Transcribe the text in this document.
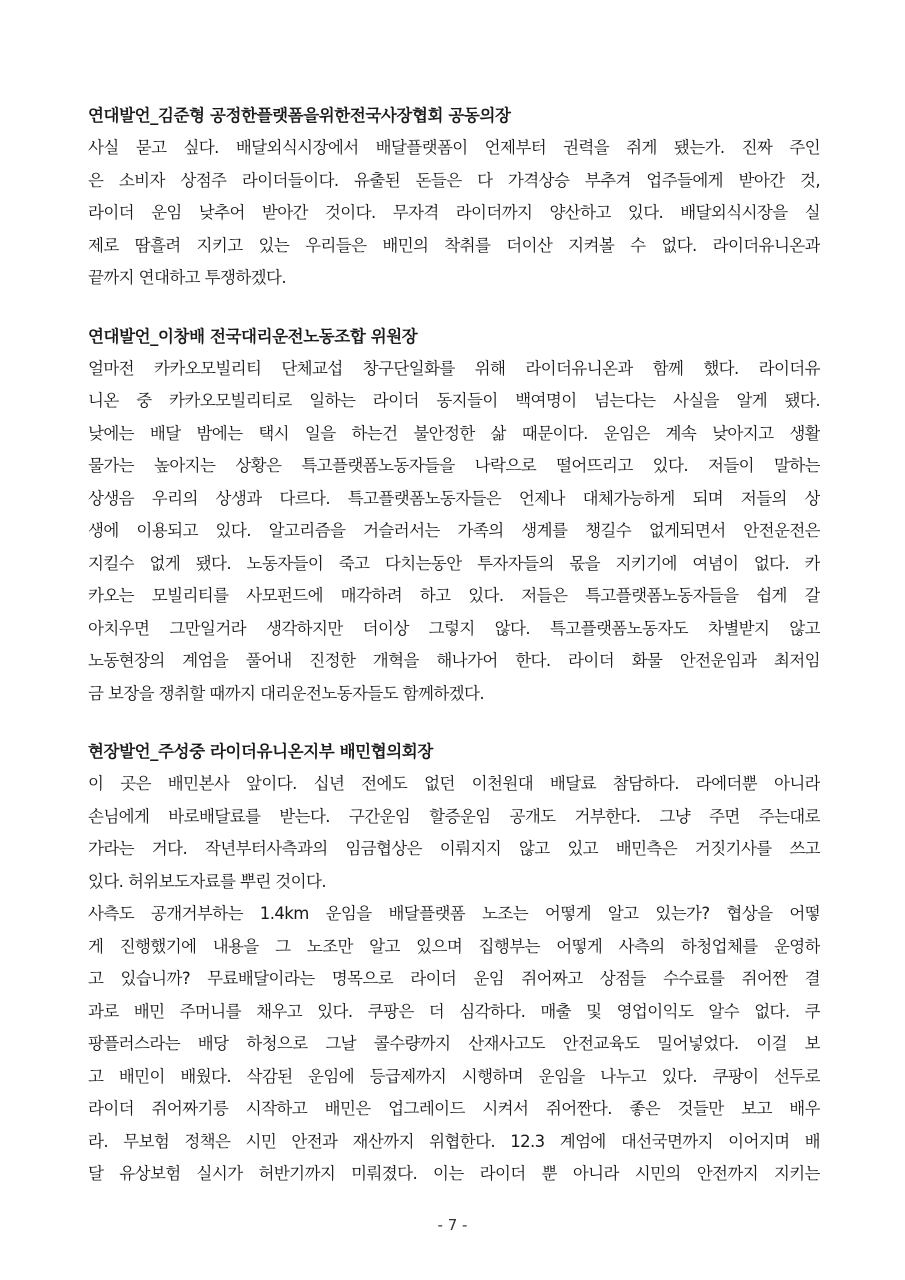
연대발언_김준형 공정한플랫폼을위한전국사장협회 공동의장
사실 묻고 싶다. 배달외식시장에서 배달플랫폼이 언제부터 권력을 쥐게 됐는가. 진짜 주인
은 소비자 상점주 라이더들이다. 유출된 돈들은 다 가격상승 부추겨 업주들에게 받아간 것,
라이더 운임 낮추어 받아간 것이다. 무자격 라이더까지 양산하고 있다. 배달외식시장을 실
제로 땀흘려 지키고 있는 우리들은 배민의 착취를 더이산 지켜볼 수 없다. 라이더유니온과
끝까지 연대하고 투쟁하겠다.
연대발언_이창배 전국대리운전노동조합 위원장
얼마전 카카오모빌리티 단체교섭 창구단일화를 위해 라이더유니온과 함께 했다. 라이더유
니온 중 카카오모빌리티로 일하는 라이더 동지들이 백여명이 넘는다는 사실을 알게 됐다.
낮에는 배달 밤에는 택시 일을 하는건 불안정한 삶 때문이다. 운임은 계속 낮아지고 생활
물가는 높아지는 상황은 특고플랫폼노동자들을 나락으로 떨어뜨리고 있다. 저들이 말하는
상생음 우리의 상생과 다르다. 특고플랫폼노동자들은 언제나 대체가능하게 되며 저들의 상
생에 이용되고 있다. 알고리즘을 거슬러서는 가족의 생계를 챙길수 없게되면서 안전운전은
지킬수 없게 됐다. 노동자들이 죽고 다치는동안 투자자들의 몫을 지키기에 여념이 없다. 카
카오는 모빌리티를 사모펀드에 매각하려 하고 있다. 저들은 특고플랫폼노동자들을 쉽게 갈
아치우면 그만일거라 생각하지만 더이상 그렇지 않다. 특고플랫폼노동자도 차별받지 않고
노동현장의 계엄을 풀어내 진정한 개혁을 해나가어 한다. 라이더 화물 안전운임과 최저임
금 보장을 쟁취할 때까지 대리운전노동자들도 함께하겠다.
현장발언_주성중 라이더유니온지부 배민협의회장
이 곳은 배민본사 앞이다. 십년 전에도 없던 이천원대 배달료 참담하다. 라에더뿐 아니라
손님에게 바로배달료를 받는다. 구간운임 할증운임 공개도 거부한다. 그냥 주면 주는대로
가라는 거다. 작년부터사측과의 임금협상은 이뤄지지 않고 있고 배민측은 거짓기사를 쓰고
있다. 허위보도자료를 뿌린 것이다.
사측도 공개거부하는 1.4km 운임을 배달플랫폼 노조는 어떻게 알고 있는가? 협상을 어떻
게 진행했기에 내용을 그 노조만 알고 있으며 집행부는 어떻게 사측의 하청업체를 운영하
고 있습니까? 무료배달이라는 명목으로 라이더 운임 쥐어짜고 상점들 수수료를 쥐어짠 결
과로 배민 주머니를 채우고 있다. 쿠팡은 더 심각하다. 매출 및 영업이익도 알수 없다. 쿠
팡플러스라는 배당 하청으로 그날 콜수량까지 산재사고도 안전교육도 밀어넣었다. 이걸 보
고 배민이 배웠다. 삭감된 운임에 등급제까지 시행하며 운임을 나누고 있다. 쿠팡이 선두로
라이더 쥐어짜기릉 시작하고 배민은 업그레이드 시켜서 쥐어짠다. 좋은 것들만 보고 배우
라. 무보험 정책은 시민 안전과 재산까지 위협한다. 12.3 계엄에 대선국면까지 이어지며 배
달 유상보험 실시가 허반기까지 미뤄졌다. 이는 라이더 뿐 아니라 시민의 안전까지 지키는
- 7 -
